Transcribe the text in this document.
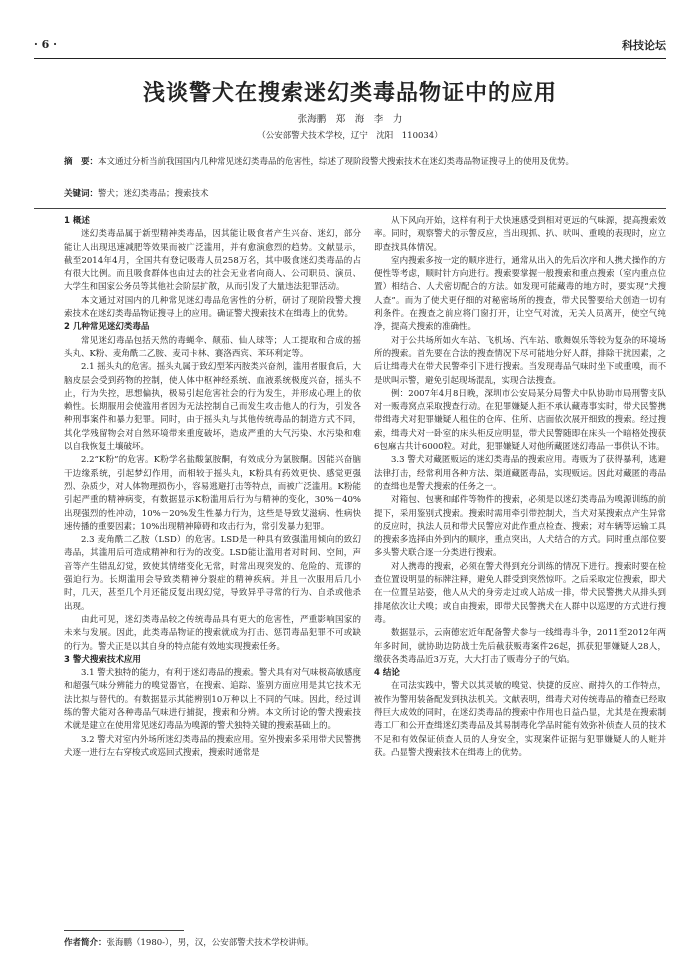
· 6 ·	科技论坛
浅谈警犬在搜索迷幻类毒品物证中的应用
张海鹏　郑　海　李　力
（公安部警犬技术学校，辽宁　沈阳　110034）
摘　要：本文通过分析当前我国国内几种常见迷幻类毒品的危害性，综述了现阶段警犬搜索技术在迷幻类毒品物证搜寻上的使用及优势。
关键词：警犬；迷幻类毒品；搜索技术
1 概述

迷幻类毒品属于新型精神类毒品，因其能让吸食者产生兴奋、迷幻，部分能让人出现迅速减肥等效果而被广泛滥用，并有愈演愈烈的趋势。文献显示，截至2014年4月，全国共有登记吸毒人员258万名，其中吸食迷幻类毒品的占有很大比例。而且吸食群体也由过去的社会无业者向商人、公司职员、演员、大学生和国家公务员等其他社会阶层扩散，从而引发了大量违法犯罪活动。

本文通过对国内的几种常见迷幻毒品危害性的分析，研讨了现阶段警犬搜索技术在迷幻类毒品物证搜寻上的应用。确证警犬搜索技术在缉毒上的优势。

2 几种常见迷幻类毒品

常见迷幻毒品包括天然的毒蝇伞、颠茄、仙人球等；人工提取和合成的摇头丸、K粉、麦角酰二乙胺、麦司卡林、赛洛西宾、苯环利定等。

2.1 摇头丸的危害。摇头丸属于致幻型苯丙胺类兴奋剂，滥用者服食后，大脑皮层会受到药物的控制，使人体中枢神经系统、血液系统极度兴奋，摇头不止，行为失控，思想偏执，极易引起危害社会的行为发生，并形成心理上的依赖性。长期服用会使滥用者因为无法控制自己而发生攻击他人的行为，引发各种刑事案件和暴力犯罪。同时，由于摇头丸与其他传统毒品的制造方式不同，其化学残留物会对自然环境带来重度破坏，造成严重的大气污染、水污染和难以自我恢复土壤破坏。

2.2“K粉”的危害。K粉学名盐酸氯胺酮，有效成分为氯胺酮。因能兴奋脑干边缘系统，引起梦幻作用，而相较于摇头丸，K粉具有药效更快、感觉更强烈、杂质少，对人体物理损伤小，容易逃避打击等特点，而被广泛滥用。K粉能引起严重的精神病变，有数据显示K粉滥用后行为与精神的变化，30%－40%出现强烈的性冲动，10%－20%发生性暴力行为，这些是导致艾滋病、性病快速传播的重要因素；10%出现精神障碍和攻击行为，常引发暴力犯罪。

2.3 麦角酰二乙胺（LSD）的危害。LSD是一种具有致强滥用倾向的致幻毒品，其滥用后可造成精神和行为的改变。LSD能让滥用者对时间、空间，声音等产生错乱幻觉，致使其情绪变化无常，时常出现突发的、危险的、荒谬的强迫行为。长期滥用会导致类精神分裂症的精神疾病。并且一次服用后几小时，几天，甚至几个月还能反复出现幻觉，导致异乎寻常的行为、自杀或他杀出现。

由此可见，迷幻类毒品较之传统毒品具有更大的危害性，严重影响国家的未来与发展。因此，此类毒品物证的搜索就成为打击、惩罚毒品犯罪不可或缺的行为。警犬正是以其自身的特点能有效地实现搜索任务。

3 警犬搜索技术应用

3.1 警犬独特的能力，有利于迷幻毒品的搜索。警犬具有对气味极高敏感度和超强气味分辨能力的嗅觉器官，在搜索、追踪、鉴别方面应用是其它技术无法比拟与替代的。有数据显示其能辨别10万种以上不同的气味。因此，经过训练的警犬能对各种毒品气味进行捕捉，搜索和分辨。本文所讨论的警犬搜索技术就是建立在使用常见迷幻毒品为嗅源的警犬独特关键的搜索基础上的。

3.2 警犬对室内外场所迷幻类毒品的搜索应用。室外搜索多采用带犬民警携犬逐一进行左右穿梭式或巡回式搜索，搜索时通常是

从下风向开始，这样有利于犬快速感受到相对更远的气味源，提高搜索效率。同时，观察警犬的示警反应，当出现抓、扒、吠叫、重嗅的表现时，应立即查找具体情况。

室内搜索多按一定的顺序进行，通常从出入的先后次序和人携犬操作的方便性等考虑，顺时针方向进行。搜索要掌握一般搜索和重点搜索（室内重点位置）相结合、人犬密切配合的方法。如发现可能藏毒的地方时，要实现“犬搜人查”。而为了使犬更仔细的对秘密场所的搜查，带犬民警要给犬创造一切有利条件。在搜查之前应将门窗打开，让空气对流，无关人员离开，使空气纯净，提高犬搜索的准确性。

对于公共场所如火车站、飞机场、汽车站、歌舞娱乐等较为复杂的环境场所的搜索。首先要在合法的搜查情况下尽可能地分好人群，排除干扰因素，之后让缉毒犬在带犬民警牵引下进行搜索。当发现毒品气味时坐下或重嗅，而不是吠叫示警，避免引起现场混乱，实现合法搜查。

例：2007年4月8日晚，深圳市公安局某分局警犬中队协助市局刑警支队对一贩毒窝点采取搜查行动。在犯罪嫌疑人拒不承认藏毒事实时，带犬民警携带缉毒犬对犯罪嫌疑人租住的仓库、住所、店面依次展开细致的搜索。经过搜索，缉毒犬对一卧室的床头柜反应明显，带犬民警随即在床头一个暗格处搜获6包麻古共计6000粒。对此，犯罪嫌疑人对他所藏匿迷幻毒品一事供认不讳。

3.3 警犬对藏匿贩运的迷幻类毒品的搜索应用。毒贩为了获得暴利，逃避法律打击，经常利用各种方法、渠道藏匿毒品，实现贩运。因此对藏匿的毒品的查缉也是警犬搜索的任务之一。

对箱包、包裹和邮件等物件的搜索，必须是以迷幻类毒品为嗅源训练的前提下，采用鉴别式搜索。搜索时需用牵引带控制犬，当犬对某搜索点产生异常的反应时，执法人员和带犬民警应对此作重点检查、搜索；对车辆等运输工具的搜索多选择由外到内的顺序，重点突出，人犬结合的方式。同时重点部位要多头警犬联合逐一分类进行搜索。

对人携毒的搜索，必须在警犬得到充分训练的情况下进行。搜索时要在检查位置设明显的标牌注释，避免人群受到突然惊吓。之后采取定位搜索，即犬在一位置呈站姿，他人从犬的身旁走过或人站成一排，带犬民警携犬从排头到排尾依次让犬嗅；或自由搜索，即带犬民警携犬在人群中以巡逻的方式进行搜毒。

数据显示，云南德宏近年配备警犬参与一线缉毒斗争，2011至2012年两年多时间，就协助边防战士先后截获贩毒案件26起，抓获犯罪嫌疑人28人，缴获各类毒品近3万克，大大打击了贩毒分子的气焰。

4 结论

在司法实践中，警犬以其灵敏的嗅觉、快捷的反应、耐持久的工作特点，被作为警用装备配发到执法机关。文献表明，缉毒犬对传统毒品的稽查已经取得巨大成效的同时，在迷幻类毒品的搜索中作用也日益凸显，尤其是在搜索制毒工厂和公开查缉迷幻类毒品及其易制毒化学品时能有效弥补侦查人员的技术不足和有效保证侦查人员的人身安全，实现案件证据与犯罪嫌疑人的人赃并获。凸显警犬搜索技术在缉毒上的优势。

作者简介：张海鹏（1980-），男，汉，公安部警犬技术学校讲师。
